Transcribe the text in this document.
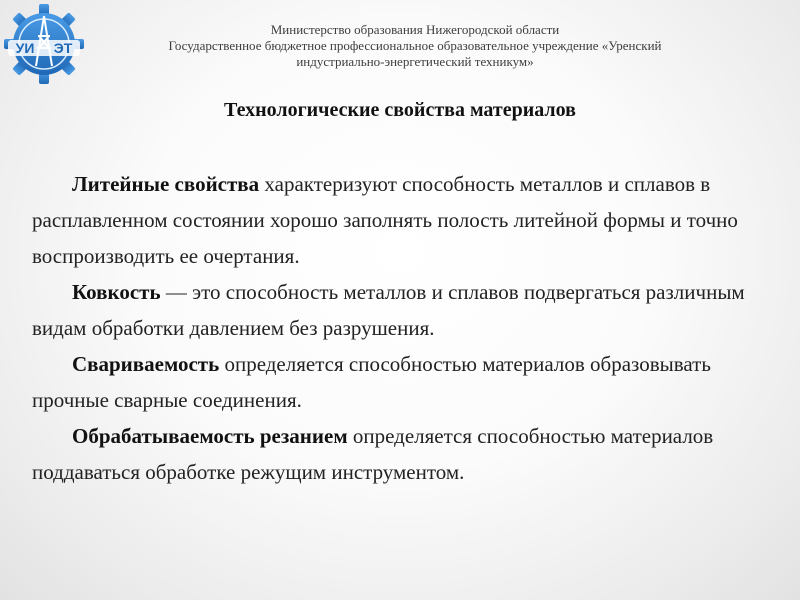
УИ ЭТ
Министерство образования Нижегородской области
Государственное бюджетное профессиональное образовательное учреждение «Уренский
индустриально-энергетический техникум»
Технологические свойства материалов

Литейные свойства характеризуют способность металлов и сплавов в расплавленном состоянии хорошо заполнять полость литейной формы и точно воспроизводить ее очертания.

Ковкость — это способность металлов и сплавов подвергаться различным видам обработки давлением без разрушения.

Свариваемость определяется способностью материалов образовывать прочные сварные соединения.

Обрабатываемость резанием определяется способностью материалов поддаваться обработке режущим инструментом.
